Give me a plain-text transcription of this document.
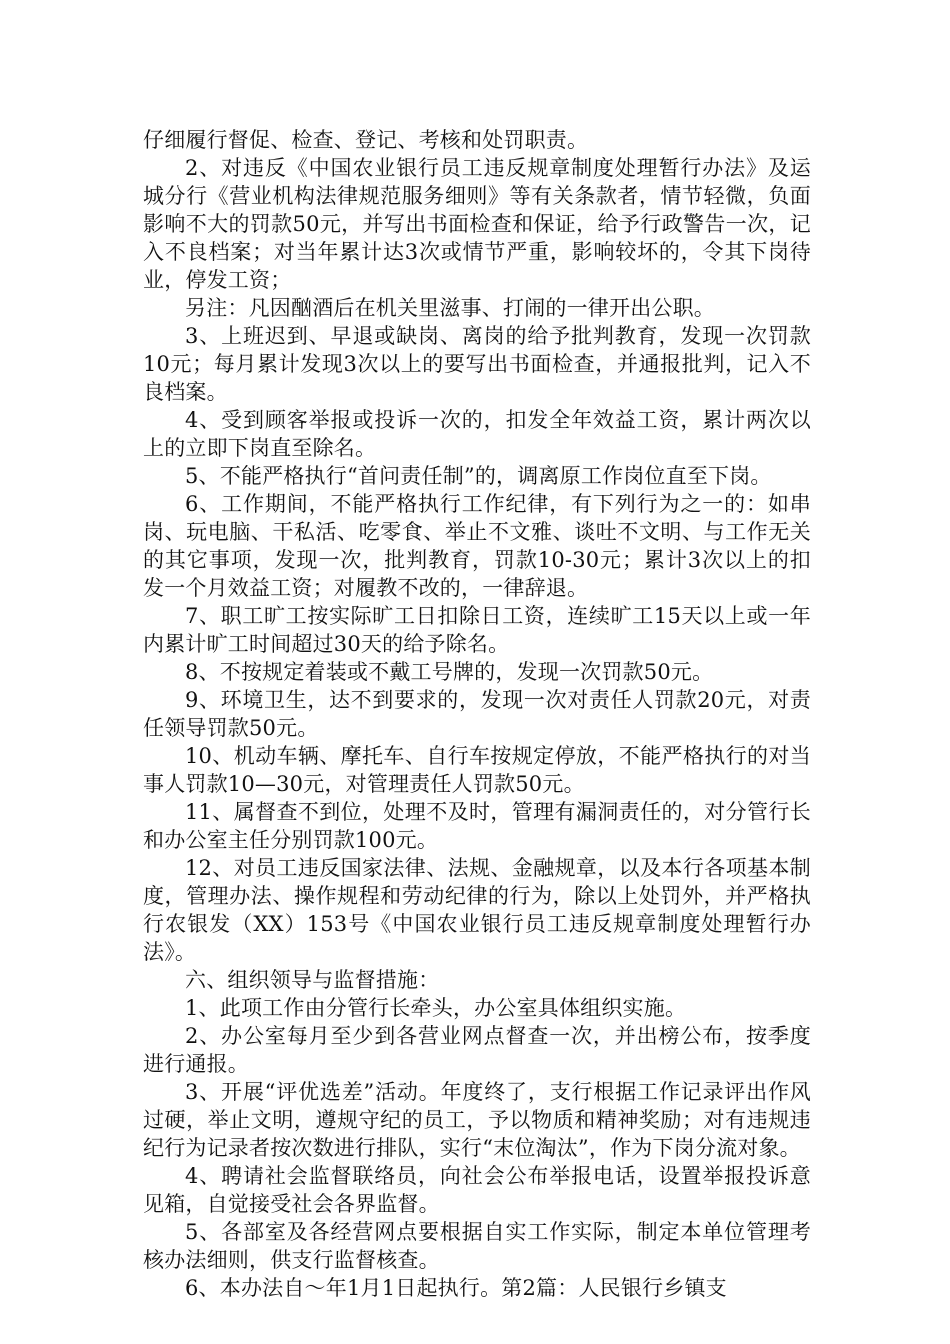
仔细履行督促、检查、登记、考核和处罚职责。

2、对违反《中国农业银行员工违反规章制度处理暂行办法》及运城分行《营业机构法律规范服务细则》等有关条款者，情节轻微，负面影响不大的罚款50元，并写出书面检查和保证，给予行政警告一次，记入不良档案；对当年累计达3次或情节严重，影响较坏的，令其下岗待业，停发工资；

另注：凡因酗酒后在机关里滋事、打闹的一律开出公职。

3、上班迟到、早退或缺岗、离岗的给予批判教育，发现一次罚款10元；每月累计发现3次以上的要写出书面检查，并通报批判，记入不良档案。

4、受到顾客举报或投诉一次的，扣发全年效益工资，累计两次以上的立即下岗直至除名。

5、不能严格执行“首问责任制”的，调离原工作岗位直至下岗。

6、工作期间，不能严格执行工作纪律，有下列行为之一的：如串岗、玩电脑、干私活、吃零食、举止不文雅、谈吐不文明、与工作无关的其它事项，发现一次，批判教育，罚款10-30元；累计3次以上的扣发一个月效益工资；对履教不改的，一律辞退。

7、职工旷工按实际旷工日扣除日工资，连续旷工15天以上或一年内累计旷工时间超过30天的给予除名。

8、不按规定着装或不戴工号牌的，发现一次罚款50元。

9、环境卫生，达不到要求的，发现一次对责任人罚款20元，对责任领导罚款50元。

10、机动车辆、摩托车、自行车按规定停放，不能严格执行的对当事人罚款10—30元，对管理责任人罚款50元。

11、属督查不到位，处理不及时，管理有漏洞责任的，对分管行长和办公室主任分别罚款100元。

12、对员工违反国家法律、法规、金融规章，以及本行各项基本制度，管理办法、操作规程和劳动纪律的行为，除以上处罚外，并严格执行农银发（XX）153号《中国农业银行员工违反规章制度处理暂行办法》。

六、组织领导与监督措施：

1、此项工作由分管行长牵头，办公室具体组织实施。

2、办公室每月至少到各营业网点督查一次，并出榜公布，按季度进行通报。

3、开展“评优选差”活动。年度终了，支行根据工作记录评出作风过硬，举止文明，遵规守纪的员工，予以物质和精神奖励；对有违规违纪行为记录者按次数进行排队，实行“末位淘汰”，作为下岗分流对象。

4、聘请社会监督联络员，向社会公布举报电话，设置举报投诉意见箱，自觉接受社会各界监督。

5、各部室及各经营网点要根据自实工作实际，制定本单位管理考核办法细则，供支行监督核查。

6、本办法自～年1月1日起执行。第2篇：人民银行乡镇支
